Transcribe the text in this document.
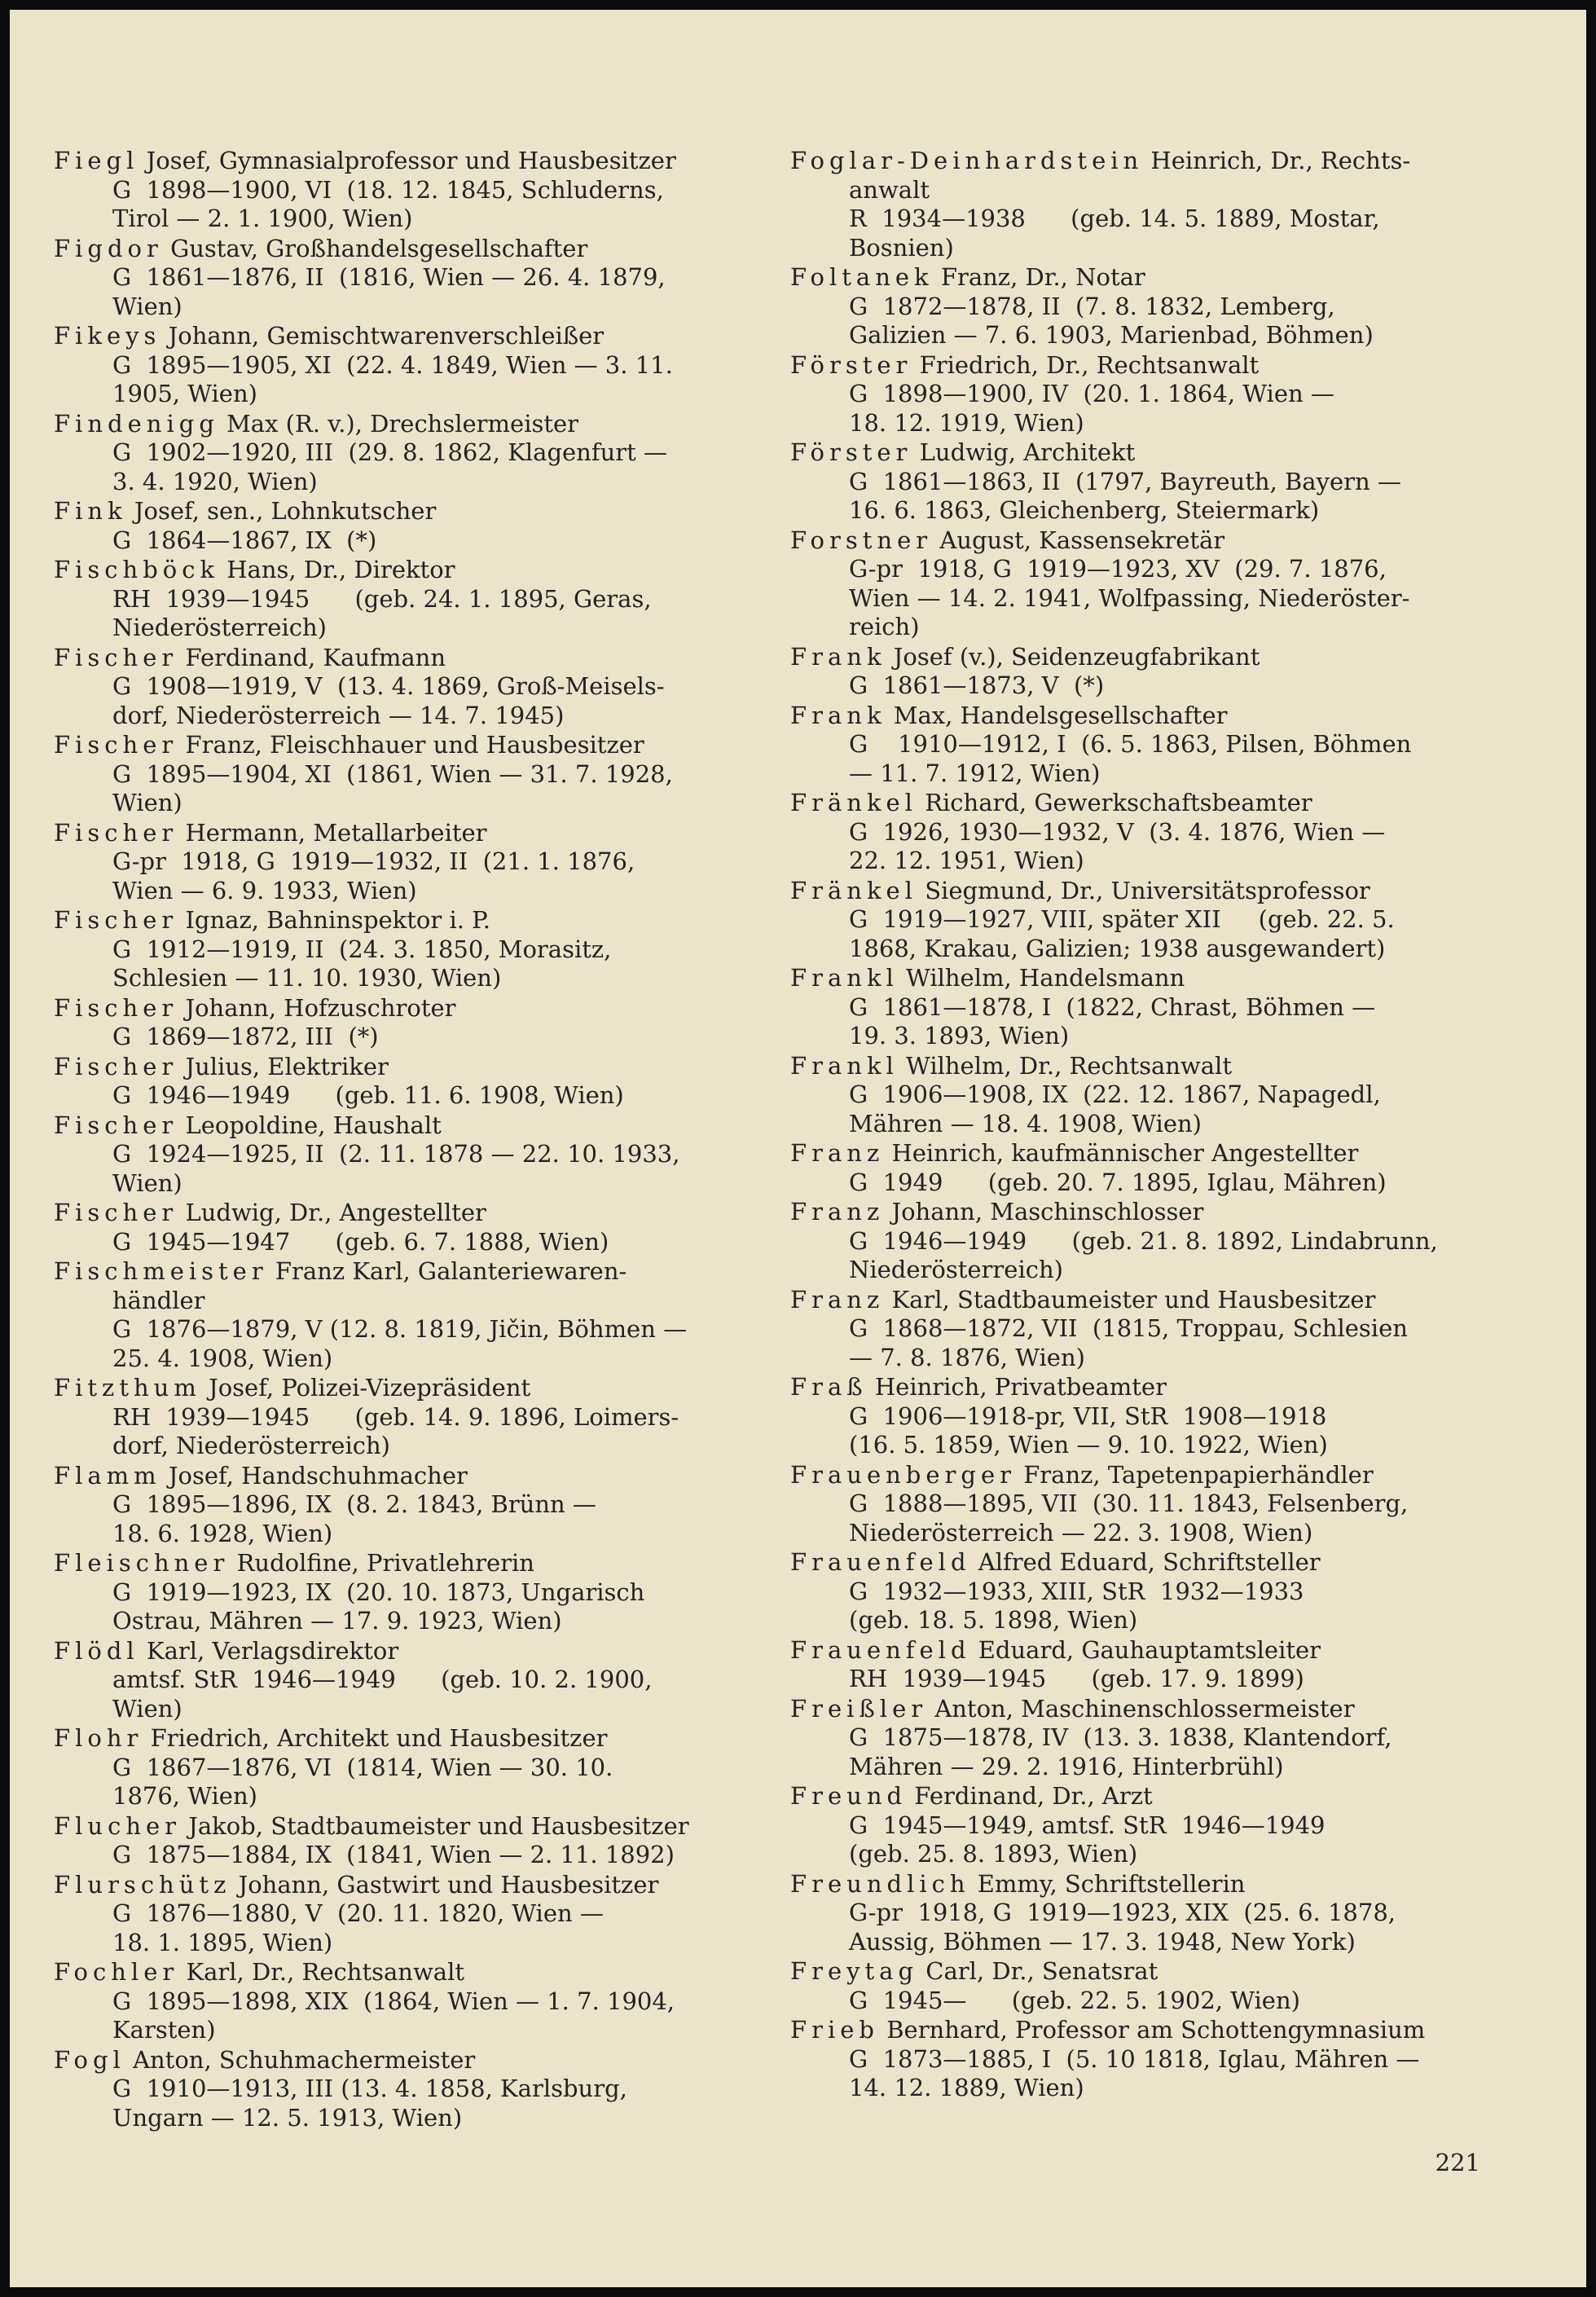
Fiegl Josef, Gymnasialprofessor und Hausbesitzer
G  1898—1900, VI  (18. 12. 1845, Schluderns,
Tirol — 2. 1. 1900, Wien)
Figdor Gustav, Großhandelsgesellschafter
G  1861—1876, II  (1816, Wien — 26. 4. 1879,
Wien)
Fikeys Johann, Gemischtwarenverschleißer
G  1895—1905, XI  (22. 4. 1849, Wien — 3. 11.
1905, Wien)
Findenigg Max (R. v.), Drechslermeister
G  1902—1920, III  (29. 8. 1862, Klagenfurt —
3. 4. 1920, Wien)
Fink Josef, sen., Lohnkutscher
G  1864—1867, IX  (*)
Fischböck Hans, Dr., Direktor
RH  1939—1945      (geb. 24. 1. 1895, Geras,
Niederösterreich)
Fischer Ferdinand, Kaufmann
G  1908—1919, V  (13. 4. 1869, Groß-Meisels-
dorf, Niederösterreich — 14. 7. 1945)
Fischer Franz, Fleischhauer und Hausbesitzer
G  1895—1904, XI  (1861, Wien — 31. 7. 1928,
Wien)
Fischer Hermann, Metallarbeiter
G-pr  1918, G  1919—1932, II  (21. 1. 1876,
Wien — 6. 9. 1933, Wien)
Fischer Ignaz, Bahninspektor i. P.
G  1912—1919, II  (24. 3. 1850, Morasitz,
Schlesien — 11. 10. 1930, Wien)
Fischer Johann, Hofzuschroter
G  1869—1872, III  (*)
Fischer Julius, Elektriker
G  1946—1949      (geb. 11. 6. 1908, Wien)
Fischer Leopoldine, Haushalt
G  1924—1925, II  (2. 11. 1878 — 22. 10. 1933,
Wien)
Fischer Ludwig, Dr., Angestellter
G  1945—1947      (geb. 6. 7. 1888, Wien)
Fischmeister Franz Karl, Galanteriewaren-
händler
G  1876—1879, V (12. 8. 1819, Jičin, Böhmen —
25. 4. 1908, Wien)
Fitzthum Josef, Polizei-Vizepräsident
RH  1939—1945      (geb. 14. 9. 1896, Loimers-
dorf, Niederösterreich)
Flamm Josef, Handschuhmacher
G  1895—1896, IX  (8. 2. 1843, Brünn —
18. 6. 1928, Wien)
Fleischner Rudolfine, Privatlehrerin
G  1919—1923, IX  (20. 10. 1873, Ungarisch
Ostrau, Mähren — 17. 9. 1923, Wien)
Flödl Karl, Verlagsdirektor
amtsf. StR  1946—1949      (geb. 10. 2. 1900,
Wien)
Flohr Friedrich, Architekt und Hausbesitzer
G  1867—1876, VI  (1814, Wien — 30. 10.
1876, Wien)
Flucher Jakob, Stadtbaumeister und Hausbesitzer
G  1875—1884, IX  (1841, Wien — 2. 11. 1892)
Flurschütz Johann, Gastwirt und Hausbesitzer
G  1876—1880, V  (20. 11. 1820, Wien —
18. 1. 1895, Wien)
Fochler Karl, Dr., Rechtsanwalt
G  1895—1898, XIX  (1864, Wien — 1. 7. 1904,
Karsten)
Fogl Anton, Schuhmachermeister
G  1910—1913, III (13. 4. 1858, Karlsburg,
Ungarn — 12. 5. 1913, Wien)
Foglar-Deinhardstein Heinrich, Dr., Rechts-
anwalt
R  1934—1938      (geb. 14. 5. 1889, Mostar,
Bosnien)
Foltanek Franz, Dr., Notar
G  1872—1878, II  (7. 8. 1832, Lemberg,
Galizien — 7. 6. 1903, Marienbad, Böhmen)
Förster Friedrich, Dr., Rechtsanwalt
G  1898—1900, IV  (20. 1. 1864, Wien —
18. 12. 1919, Wien)
Förster Ludwig, Architekt
G  1861—1863, II  (1797, Bayreuth, Bayern —
16. 6. 1863, Gleichenberg, Steiermark)
Forstner August, Kassensekretär
G-pr  1918, G  1919—1923, XV  (29. 7. 1876,
Wien — 14. 2. 1941, Wolfpassing, Niederöster-
reich)
Frank Josef (v.), Seidenzeugfabrikant
G  1861—1873, V  (*)
Frank Max, Handelsgesellschafter
G    1910—1912, I  (6. 5. 1863, Pilsen, Böhmen
— 11. 7. 1912, Wien)
Fränkel Richard, Gewerkschaftsbeamter
G  1926, 1930—1932, V  (3. 4. 1876, Wien —
22. 12. 1951, Wien)
Fränkel Siegmund, Dr., Universitätsprofessor
G  1919—1927, VIII, später XII     (geb. 22. 5.
1868, Krakau, Galizien; 1938 ausgewandert)
Frankl Wilhelm, Handelsmann
G  1861—1878, I  (1822, Chrast, Böhmen —
19. 3. 1893, Wien)
Frankl Wilhelm, Dr., Rechtsanwalt
G  1906—1908, IX  (22. 12. 1867, Napagedl,
Mähren — 18. 4. 1908, Wien)
Franz Heinrich, kaufmännischer Angestellter
G  1949      (geb. 20. 7. 1895, Iglau, Mähren)
Franz Johann, Maschinschlosser
G  1946—1949      (geb. 21. 8. 1892, Lindabrunn,
Niederösterreich)
Franz Karl, Stadtbaumeister und Hausbesitzer
G  1868—1872, VII  (1815, Troppau, Schlesien
— 7. 8. 1876, Wien)
Fraß Heinrich, Privatbeamter
G  1906—1918-pr, VII, StR  1908—1918
(16. 5. 1859, Wien — 9. 10. 1922, Wien)
Frauenberger Franz, Tapetenpapierhändler
G  1888—1895, VII  (30. 11. 1843, Felsenberg,
Niederösterreich — 22. 3. 1908, Wien)
Frauenfeld Alfred Eduard, Schriftsteller
G  1932—1933, XIII, StR  1932—1933
(geb. 18. 5. 1898, Wien)
Frauenfeld Eduard, Gauhauptamtsleiter
RH  1939—1945      (geb. 17. 9. 1899)
Freißler Anton, Maschinenschlossermeister
G  1875—1878, IV  (13. 3. 1838, Klantendorf,
Mähren — 29. 2. 1916, Hinterbrühl)
Freund Ferdinand, Dr., Arzt
G  1945—1949, amtsf. StR  1946—1949
(geb. 25. 8. 1893, Wien)
Freundlich Emmy, Schriftstellerin
G-pr  1918, G  1919—1923, XIX  (25. 6. 1878,
Aussig, Böhmen — 17. 3. 1948, New York)
Freytag Carl, Dr., Senatsrat
G  1945—      (geb. 22. 5. 1902, Wien)
Frieb Bernhard, Professor am Schottengymnasium
G  1873—1885, I  (5. 10 1818, Iglau, Mähren —
14. 12. 1889, Wien)
221
